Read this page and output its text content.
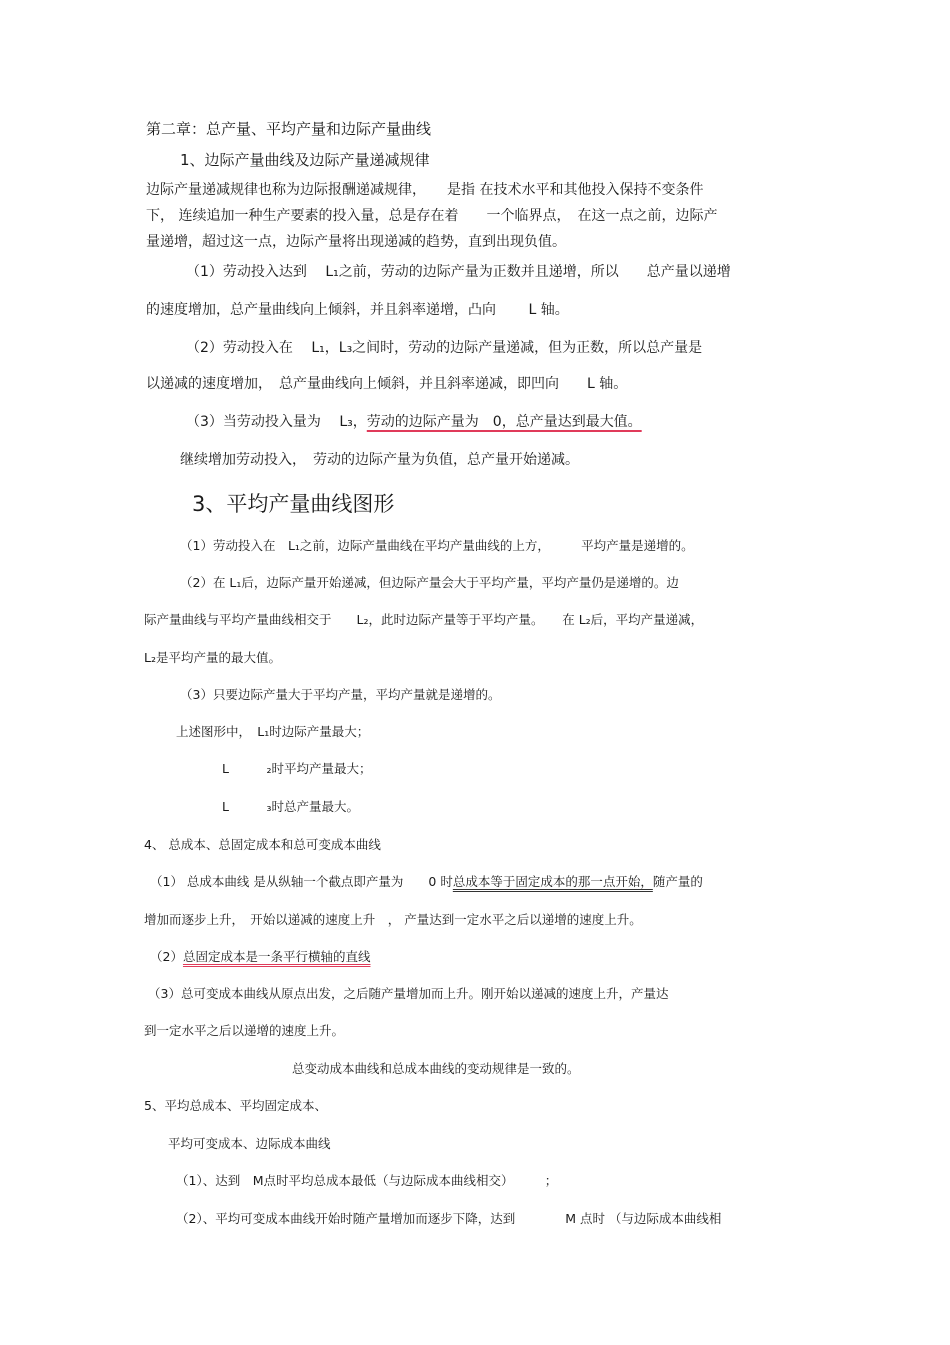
第二章：总产量、平均产量和边际产量曲线
1、边际产量曲线及边际产量递减规律
边际产量递减规律也称为边际报酬递减规律，　　是指 在技术水平和其他投入保持不变条件
下， 连续追加一种生产要素的投入量，总是存在着　　一个临界点，　在这一点之前，边际产
量递增，超过这一点，边际产量将出现递减的趋势，直到出现负值。
（1）劳动投入达到　 L₁之前，劳动的边际产量为正数并且递增，所以　　总产量以递增
的速度增加，总产量曲线向上倾斜，并且斜率递增，凸向　　 L 轴。
（2）劳动投入在　 L₁，L₃之间时，劳动的边际产量递减，但为正数，所以总产量是
以递减的速度增加，　总产量曲线向上倾斜，并且斜率递减，即凹向　　L 轴。
（3）当劳动投入量为　 L₃，劳动的边际产量为　0，总产量达到最大值。
继续增加劳动投入，　劳动的边际产量为负值，总产量开始递减。
3、平均产量曲线图形
（1）劳动投入在　L₁之前，边际产量曲线在平均产量曲线的上方，　　　平均产量是递增的。
（2）在 L₁后，边际产量开始递减，但边际产量会大于平均产量，平均产量仍是递增的。边
际产量曲线与平均产量曲线相交于　　L₂，此时边际产量等于平均产量。　　在 L₂后，平均产量递减，
L₂是平均产量的最大值。
（3）只要边际产量大于平均产量，平均产量就是递增的。
上述图形中，　L₁时边际产量最大；
L　　　₂时平均产量最大；
L　　　₃时总产量最大。
4、 总成本、总固定成本和总可变成本曲线
（1） 总成本曲线 是从纵轴一个截点即产量为　　0 时总成本等于固定成本的那一点开始，随产量的
增加而逐步上升，　开始以递减的速度上升　， 产量达到一定水平之后以递增的速度上升。
（2）总固定成本是一条平行横轴的直线
（3）总可变成本曲线从原点出发，之后随产量增加而上升。刚开始以递减的速度上升，产量达
到一定水平之后以递增的速度上升。
总变动成本曲线和总成本曲线的变动规律是一致的。
5、平均总成本、平均固定成本、
平均可变成本、边际成本曲线
（1）、达到　M点时平均总成本最低（与边际成本曲线相交）　　　；
（2）、平均可变成本曲线开始时随产量增加而逐步下降，达到　　　　M 点时 （与边际成本曲线相
